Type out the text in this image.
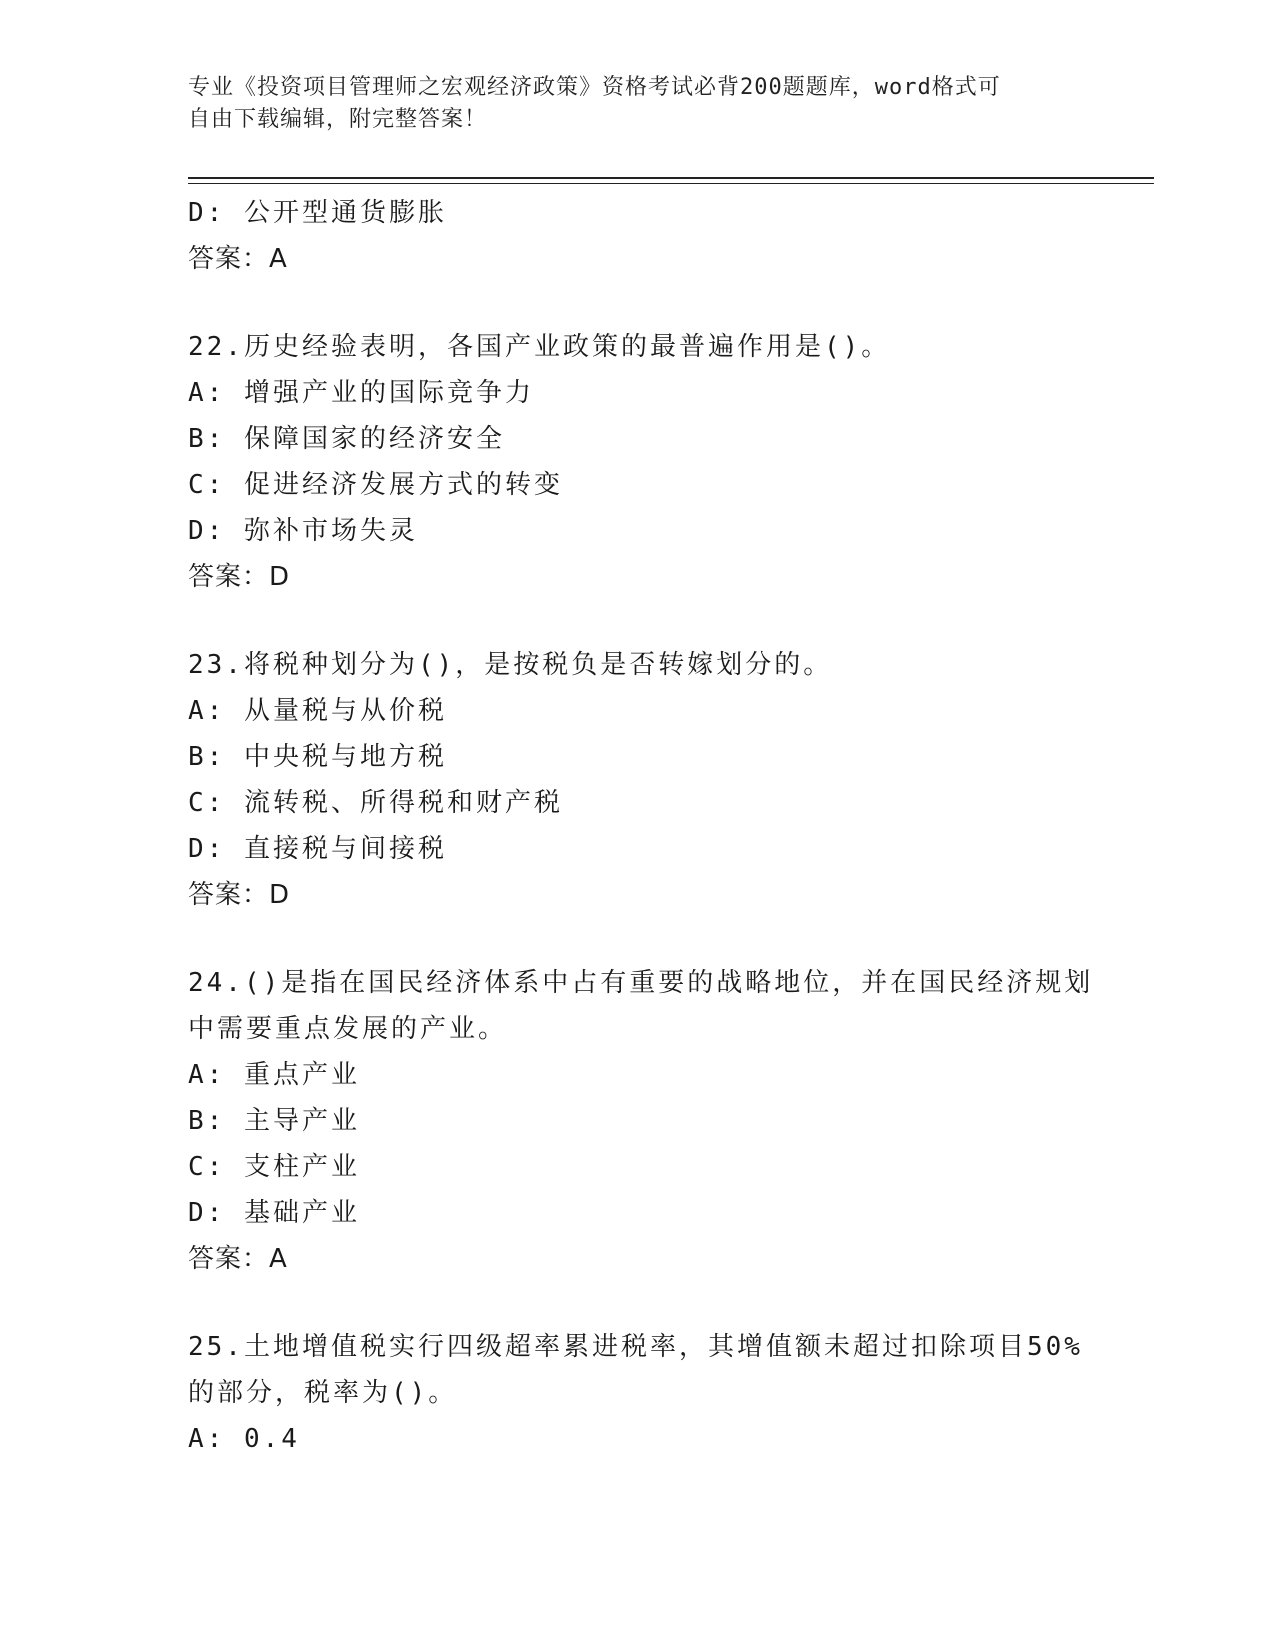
专业《投资项目管理师之宏观经济政策》资格考试必背200题题库，word格式可
自由下载编辑，附完整答案！
D: 公开型通货膨胀
答案：A
22.历史经验表明，各国产业政策的最普遍作用是()。
A: 增强产业的国际竞争力
B: 保障国家的经济安全
C: 促进经济发展方式的转变
D: 弥补市场失灵
答案：D
23.将税种划分为()，是按税负是否转嫁划分的。
A: 从量税与从价税
B: 中央税与地方税
C: 流转税、所得税和财产税
D: 直接税与间接税
答案：D
24.()是指在国民经济体系中占有重要的战略地位，并在国民经济规划
中需要重点发展的产业。
A: 重点产业
B: 主导产业
C: 支柱产业
D: 基础产业
答案：A
25.土地增值税实行四级超率累进税率，其增值额未超过扣除项目50%
的部分，税率为()。
A: 0.4
